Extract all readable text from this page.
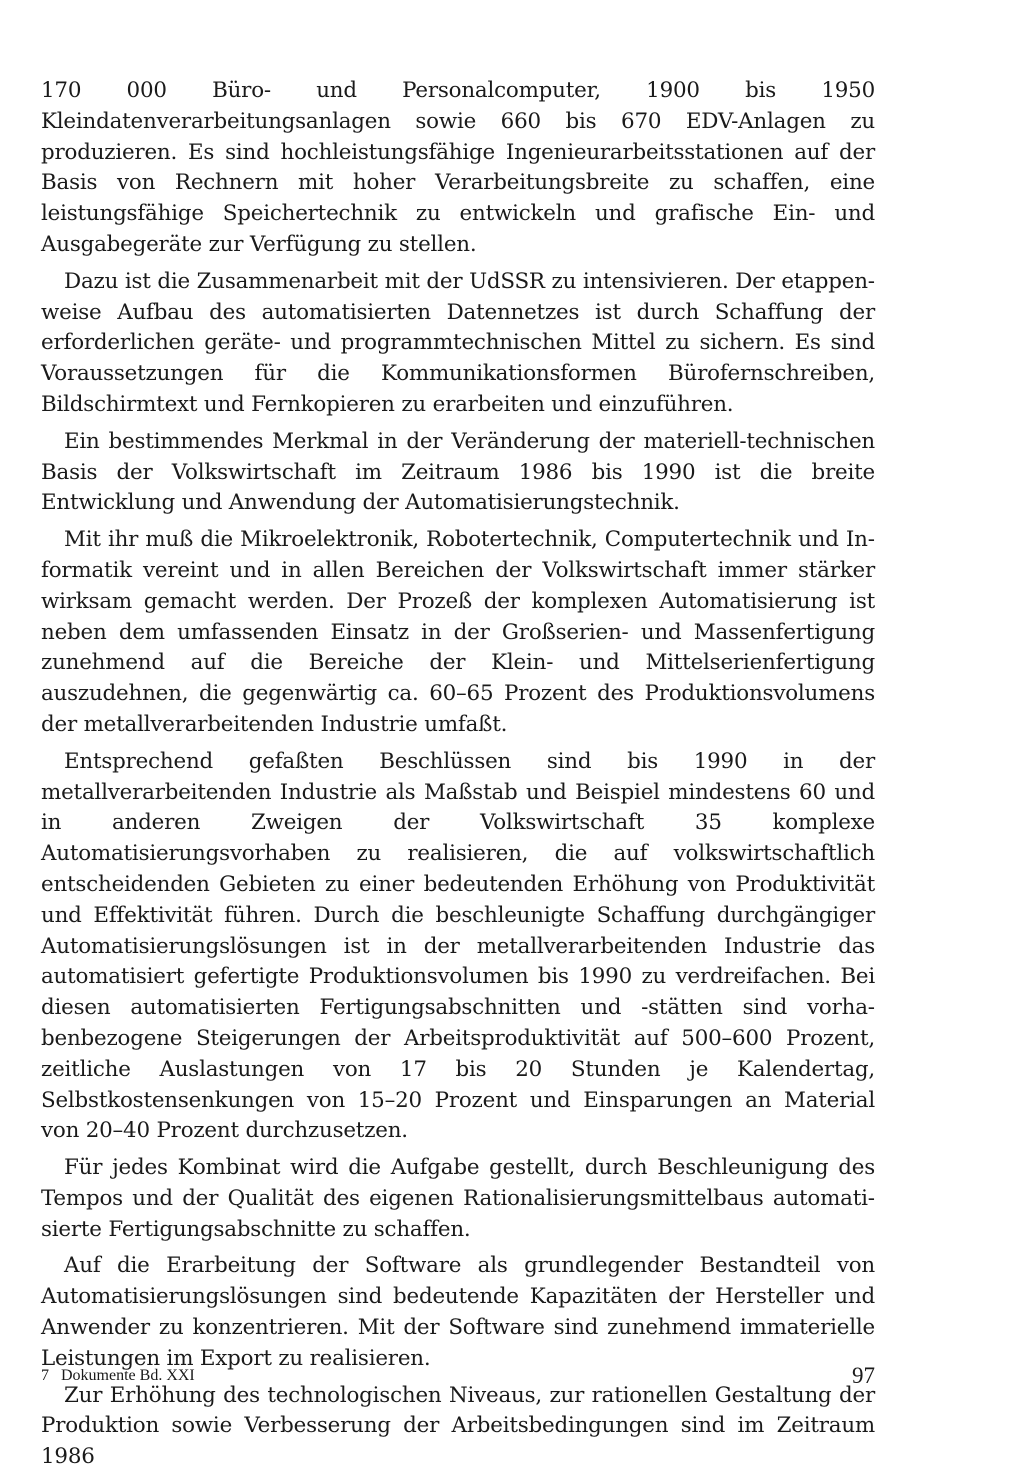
170 000 Büro- und Personalcomputer, 1900 bis 1950 Kleindatenverarbeitungsanlagen sowie 660 bis 670 EDV-Anlagen zu produzieren. Es sind hochleistungsfähige Ingenieurarbeitsstationen auf der Basis von Rechnern mit hoher Verarbeitungsbreite zu schaffen, eine leistungsfähige Speichertechnik zu entwickeln und grafische Ein- und Ausgabegeräte zur Verfügung zu stellen.

Dazu ist die Zusammenarbeit mit der UdSSR zu intensivieren. Der etappenweise Aufbau des automatisierten Datennetzes ist durch Schaffung der erforderlichen geräte- und programmtechnischen Mittel zu sichern. Es sind Voraussetzungen für die Kommunikationsformen Bürofernschreiben, Bildschirmtext und Fernkopieren zu erarbeiten und einzuführen.

Ein bestimmendes Merkmal in der Veränderung der materiell-technischen Basis der Volkswirtschaft im Zeitraum 1986 bis 1990 ist die breite Entwicklung und Anwendung der Automatisierungstechnik.

Mit ihr muß die Mikroelektronik, Robotertechnik, Computertechnik und Informatik vereint und in allen Bereichen der Volkswirtschaft immer stärker wirksam gemacht werden. Der Prozeß der komplexen Automatisierung ist neben dem umfassenden Einsatz in der Großserien- und Massenfertigung zunehmend auf die Bereiche der Klein- und Mittelserienfertigung auszudehnen, die gegenwärtig ca. 60–65 Prozent des Produktionsvolumens der metallverarbeitenden Industrie umfaßt.

Entsprechend gefaßten Beschlüssen sind bis 1990 in der metallverarbeitenden Industrie als Maßstab und Beispiel mindestens 60 und in anderen Zweigen der Volkswirtschaft 35 komplexe Automatisierungsvorhaben zu realisieren, die auf volkswirtschaftlich entscheidenden Gebieten zu einer bedeutenden Erhöhung von Produktivität und Effektivität führen. Durch die beschleunigte Schaffung durchgängiger Automatisierungslösungen ist in der metallverarbeitenden Industrie das automatisiert gefertigte Produktionsvolumen bis 1990 zu verdreifachen. Bei diesen automatisierten Fertigungsabschnitten und -stätten sind vorhabenbezogene Steigerungen der Arbeitsproduktivität auf 500–600 Prozent, zeitliche Auslastungen von 17 bis 20 Stunden je Kalendertag, Selbstkostensenkungen von 15–20 Prozent und Einsparungen an Material von 20–40 Prozent durchzusetzen.

Für jedes Kombinat wird die Aufgabe gestellt, durch Beschleunigung des Tempos und der Qualität des eigenen Rationalisierungsmittelbaus automatisierte Fertigungsabschnitte zu schaffen.

Auf die Erarbeitung der Software als grundlegender Bestandteil von Automatisierungslösungen sind bedeutende Kapazitäten der Hersteller und Anwender zu konzentrieren. Mit der Software sind zunehmend immaterielle Leistungen im Export zu realisieren.

Zur Erhöhung des technologischen Niveaus, zur rationellen Gestaltung der Produktion sowie Verbesserung der Arbeitsbedingungen sind im Zeitraum 1986

7 Dokumente Bd. XXI	97
